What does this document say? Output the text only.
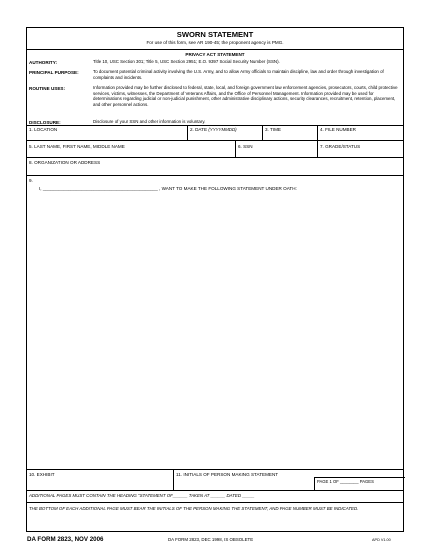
SWORN STATEMENT
For use of this form, see AR 190-45; the proponent agency is PMG.
PRIVACY ACT STATEMENT
AUTHORITY:	Title 10, USC Section 301; Title 5, USC Section 2951; E.O. 9397 Social Security Number (SSN).
PRINCIPAL PURPOSE:	To document potential criminal activity involving the U.S. Army, and to allow Army officials to maintain discipline, law and order through investigation of complaints and incidents.
ROUTINE USES:	Information provided may be further disclosed to federal, state, local, and foreign government law enforcement agencies, prosecutors, courts, child protective services, victims, witnesses, the Department of Veterans Affairs, and the Office of Personnel Management. Information provided may be used for determinations regarding judicial or non-judicial punishment, other administrative disciplinary actions, security clearances, recruitment, retention, placement, and other personnel actions.
DISCLOSURE:	Disclosure of your SSN and other information is voluntary.
1. LOCATION	2. DATE (YYYYMMDD)	3. TIME	4. FILE NUMBER
5. LAST NAME, FIRST NAME, MIDDLE NAME	6. SSN	7. GRADE/STATUS
8. ORGANIZATION OR ADDRESS
9.
I, _____________________________________________ , WANT TO MAKE THE FOLLOWING STATEMENT UNDER OATH:
10. EXHIBIT	11. INITIALS OF PERSON MAKING STATEMENT
PAGE 1 OF ________ PAGES
ADDITIONAL PAGES MUST CONTAIN THE HEADING "STATEMENT OF______ TAKEN AT ______ DATED _____
THE BOTTOM OF EACH ADDITIONAL PAGE MUST BEAR THE INITIALS OF THE PERSON MAKING THE STATEMENT, AND PAGE NUMBER MUST BE INDICATED.
DA FORM 2823, NOV 2006	DA FORM 2823, DEC 1998, IS OBSOLETE	APD V1.00
